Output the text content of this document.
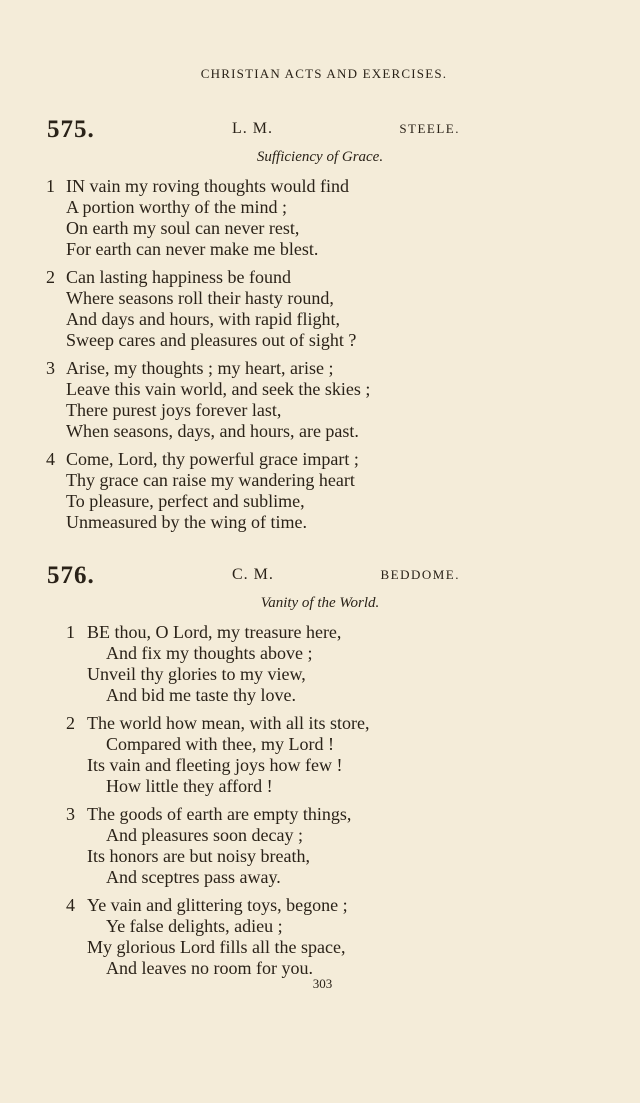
CHRISTIAN ACTS AND EXERCISES.
575.	L. M.	STEELE.
Sufficiency of Grace.
1 IN vain my roving thoughts would find
A portion worthy of the mind ;
On earth my soul can never rest,
For earth can never make me blest.
2 Can lasting happiness be found
Where seasons roll their hasty round,
And days and hours, with rapid flight,
Sweep cares and pleasures out of sight ?
3 Arise, my thoughts ; my heart, arise ;
Leave this vain world, and seek the skies ;
There purest joys forever last,
When seasons, days, and hours, are past.
4 Come, Lord, thy powerful grace impart ;
Thy grace can raise my wandering heart
To pleasure, perfect and sublime,
Unmeasured by the wing of time.
576.	C. M.	BEDDOME.
Vanity of the World.
1 BE thou, O Lord, my treasure here,
And fix my thoughts above ;
Unveil thy glories to my view,
And bid me taste thy love.
2 The world how mean, with all its store,
Compared with thee, my Lord !
Its vain and fleeting joys how few !
How little they afford !
3 The goods of earth are empty things,
And pleasures soon decay ;
Its honors are but noisy breath,
And sceptres pass away.
4 Ye vain and glittering toys, begone ;
Ye false delights, adieu ;
My glorious Lord fills all the space,
And leaves no room for you.
303
